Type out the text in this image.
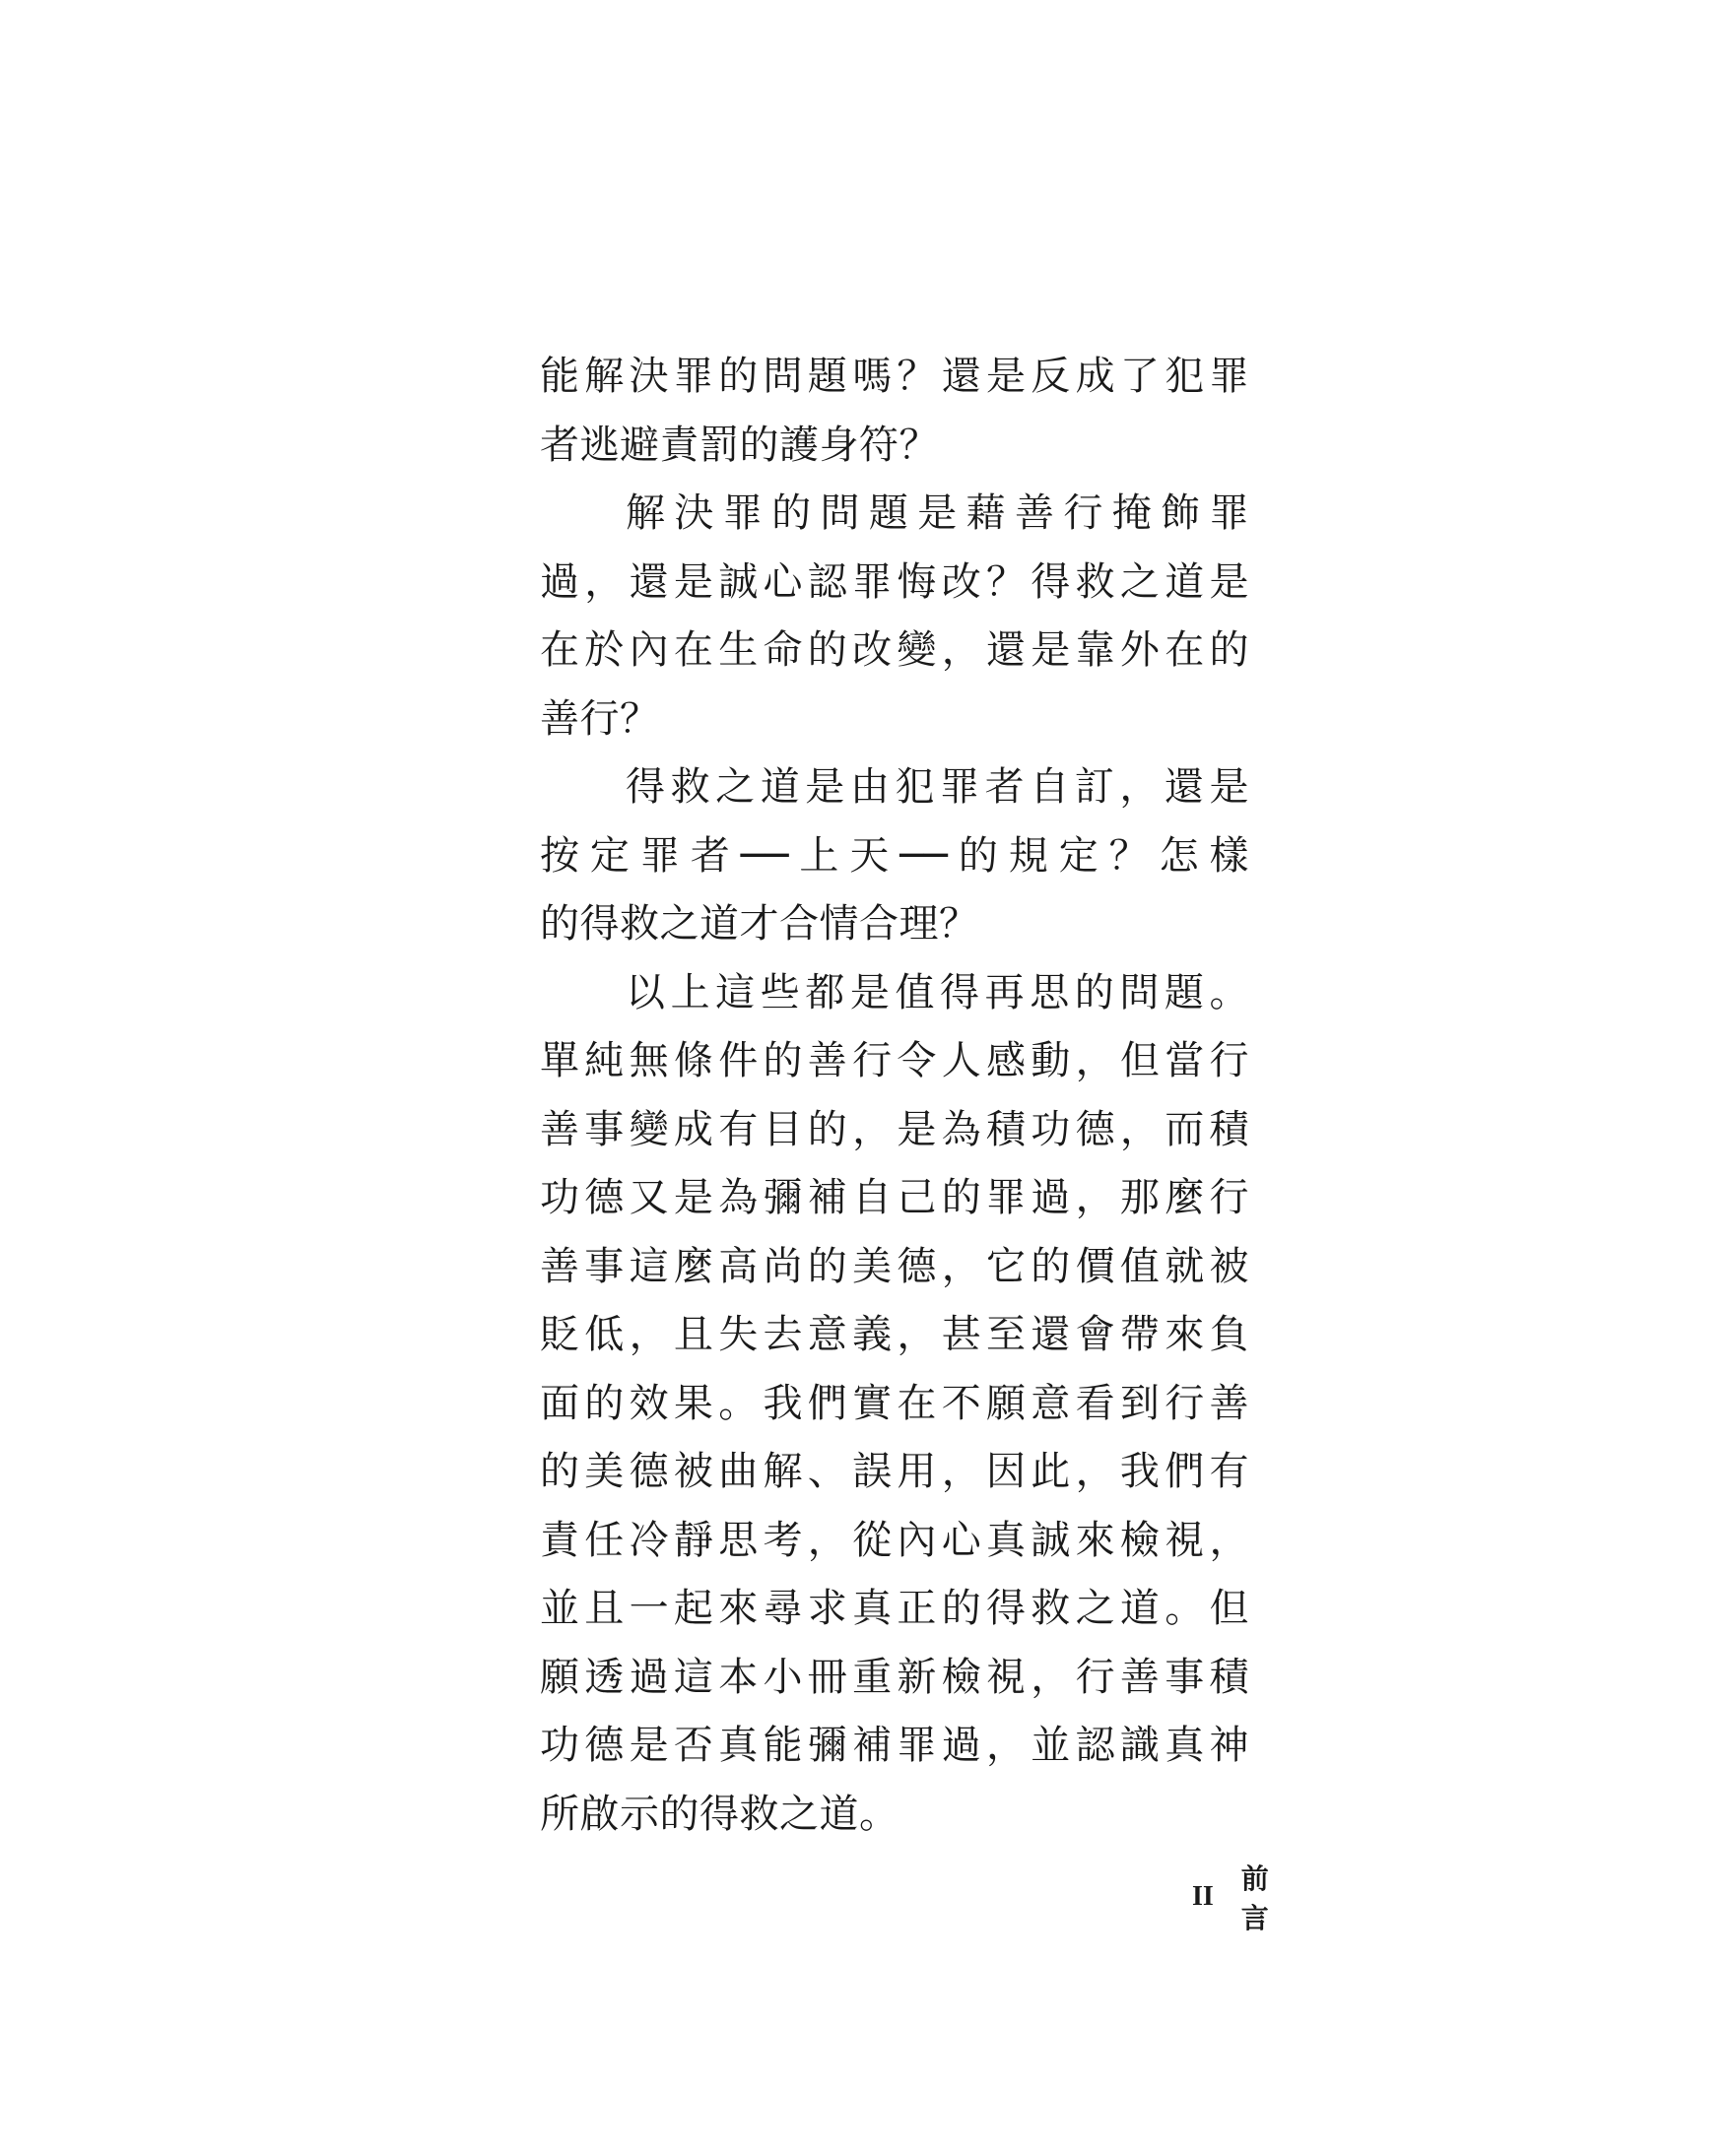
能解決罪的問題嗎？還是反成了犯罪
者逃避責罰的護身符？
解決罪的問題是藉善行掩飾罪
過，還是誠心認罪悔改？得救之道是
在於內在生命的改變，還是靠外在的
善行？
得救之道是由犯罪者自訂，還是
按定罪者──上天──的規定？怎樣
的得救之道才合情合理？
以上這些都是值得再思的問題。
單純無條件的善行令人感動，但當行
善事變成有目的，是為積功德，而積
功德又是為彌補自己的罪過，那麼行
善事這麼高尚的美德，它的價值就被
貶低，且失去意義，甚至還會帶來負
面的效果。我們實在不願意看到行善
的美德被曲解、誤用，因此，我們有
責任冷靜思考，從內心真誠來檢視，
並且一起來尋求真正的得救之道。但
願透過這本小冊重新檢視，行善事積
功德是否真能彌補罪過，並認識真神
所啟示的得救之道。
II
前言
